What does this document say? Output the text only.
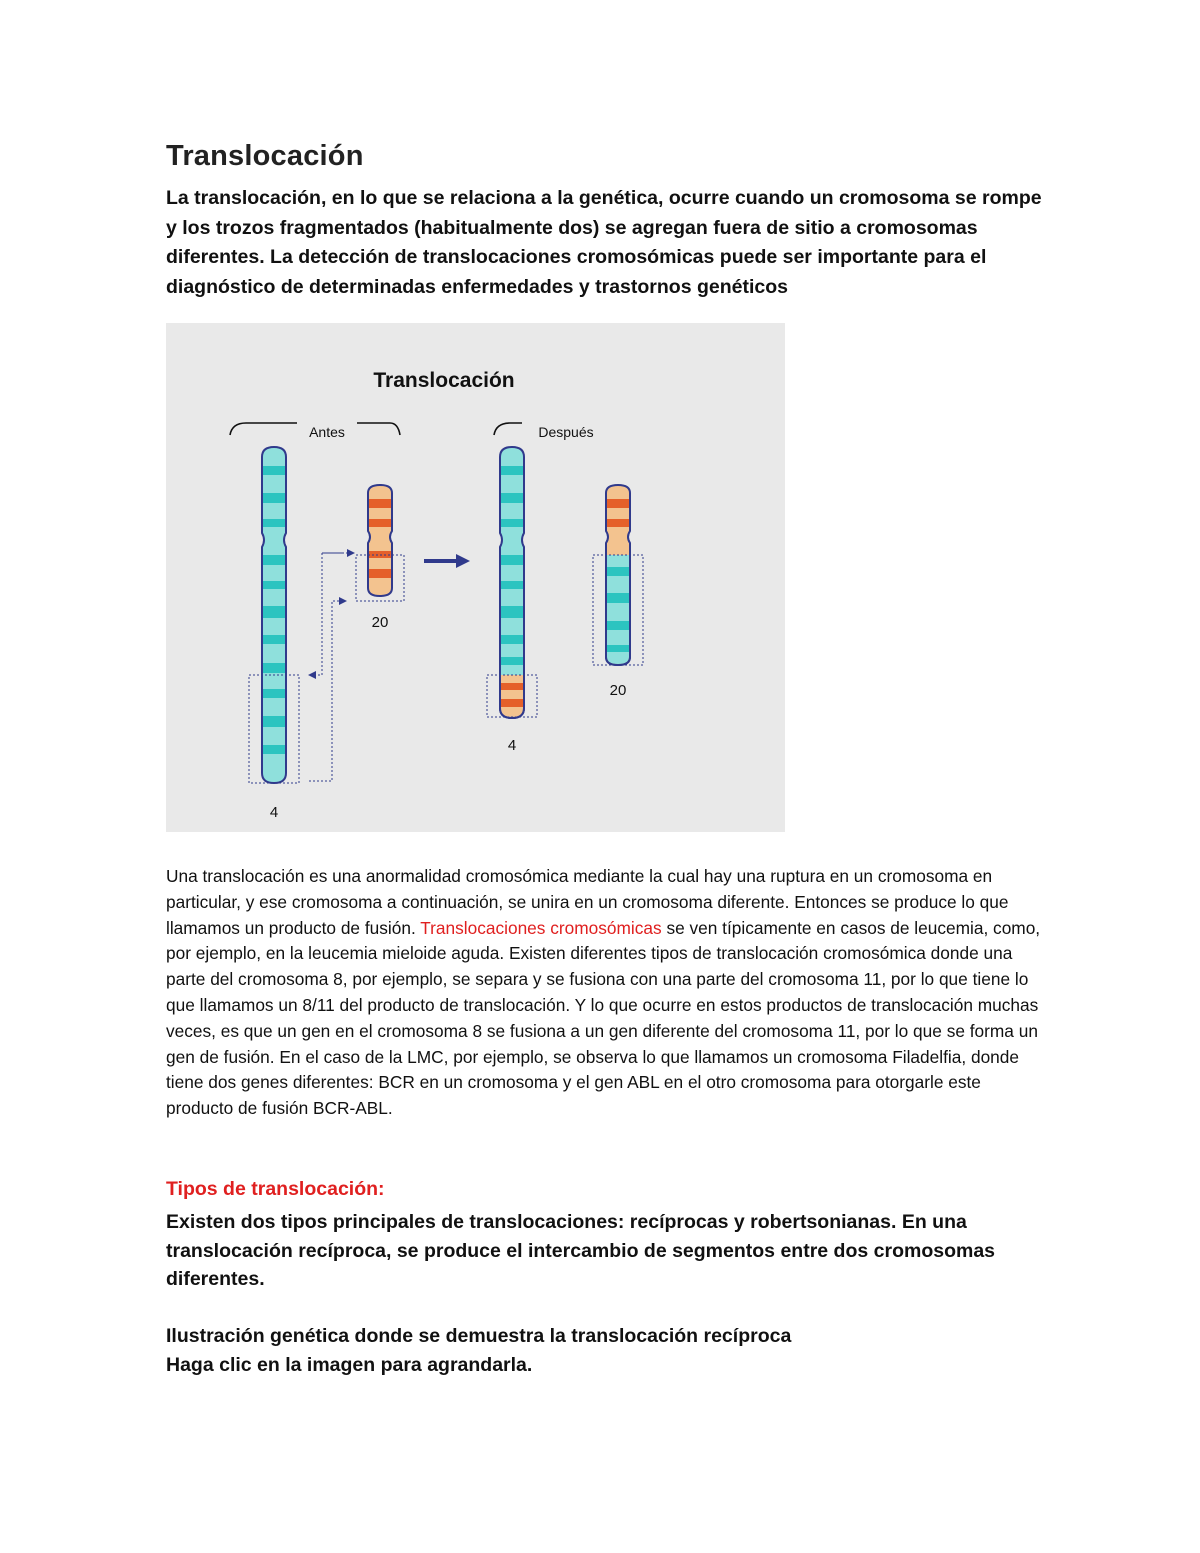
Translocación
La translocación, en lo que se relaciona a la genética, ocurre cuando un cromosoma se rompe y los trozos fragmentados (habitualmente dos) se agregan fuera de sitio a cromosomas diferentes. La detección de translocaciones cromosómicas puede ser importante para el diagnóstico de determinadas enfermedades y trastornos genéticos
Translocación
Antes	Después
4
20
4
20
Una translocación es una anormalidad cromosómica mediante la cual hay una ruptura en un cromosoma en particular, y ese cromosoma a continuación, se unira en un cromosoma diferente. Entonces se produce lo que llamamos un producto de fusión. Translocaciones cromosómicas se ven típicamente en casos de leucemia, como, por ejemplo, en la leucemia mieloide aguda. Existen diferentes tipos de translocación cromosómica donde una parte del cromosoma 8, por ejemplo, se separa y se fusiona con una parte del cromosoma 11, por lo que tiene lo que llamamos un 8/11 del producto de translocación. Y lo que ocurre en estos productos de translocación muchas veces, es que un gen en el cromosoma 8 se fusiona a un gen diferente del cromosoma 11, por lo que se forma un gen de fusión. En el caso de la LMC, por ejemplo, se observa lo que llamamos un cromosoma Filadelfia, donde tiene dos genes diferentes: BCR en un cromosoma y el gen ABL en el otro cromosoma para otorgarle este producto de fusión BCR-ABL.
Tipos de translocación:
Existen dos tipos principales de translocaciones: recíprocas y robertsonianas. En una translocación recíproca, se produce el intercambio de segmentos entre dos cromosomas diferentes.
Ilustración genética donde se demuestra la translocación recíproca
Haga clic en la imagen para agrandarla.
